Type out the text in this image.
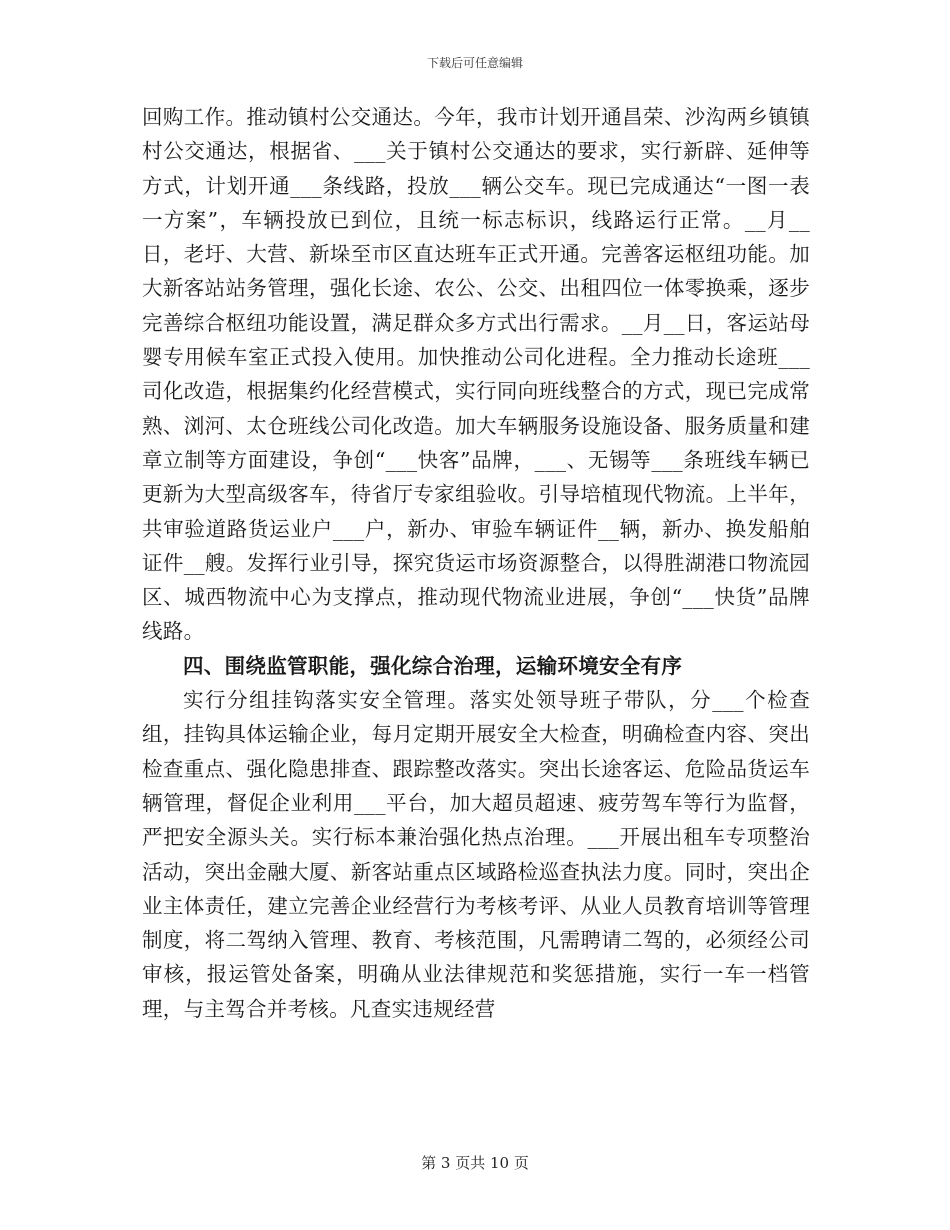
下载后可任意编辑

回购工作。推动镇村公交通达。今年，我市计划开通昌荣、沙沟两乡镇镇村公交通达，根据省、___关于镇村公交通达的要求，实行新辟、延伸等方式，计划开通___条线路，投放___辆公交车。现已完成通达“一图一表一方案”，车辆投放已到位，且统一标志标识，线路运行正常。__月__日，老圩、大营、新垛至市区直达班车正式开通。完善客运枢纽功能。加大新客站站务管理，强化长途、农公、公交、出租四位一体零换乘，逐步完善综合枢纽功能设置，满足群众多方式出行需求。__月__日，客运站母婴专用候车室正式投入使用。加快推动公司化进程。全力推动长途班___司化改造，根据集约化经营模式，实行同向班线整合的方式，现已完成常熟、浏河、太仓班线公司化改造。加大车辆服务设施设备、服务质量和建章立制等方面建设，争创“___快客”品牌，___、无锡等___条班线车辆已更新为大型高级客车，待省厅专家组验收。引导培植现代物流。上半年，共审验道路货运业户___户，新办、审验车辆证件__辆，新办、换发船舶证件__艘。发挥行业引导，探究货运市场资源整合，以得胜湖港口物流园区、城西物流中心为支撑点，推动现代物流业进展，争创“___快货”品牌线路。

四、围绕监管职能，强化综合治理，运输环境安全有序

实行分组挂钩落实安全管理。落实处领导班子带队，分___个检查组，挂钩具体运输企业，每月定期开展安全大检查，明确检查内容、突出检查重点、强化隐患排查、跟踪整改落实。突出长途客运、危险品货运车辆管理，督促企业利用___平台，加大超员超速、疲劳驾车等行为监督，严把安全源头关。实行标本兼治强化热点治理。___开展出租车专项整治活动，突出金融大厦、新客站重点区域路检巡查执法力度。同时，突出企业主体责任，建立完善企业经营行为考核考评、从业人员教育培训等管理制度，将二驾纳入管理、教育、考核范围，凡需聘请二驾的，必须经公司审核，报运管处备案，明确从业法律规范和奖惩措施，实行一车一档管理，与主驾合并考核。凡查实违规经营

第 3 页共 10 页
